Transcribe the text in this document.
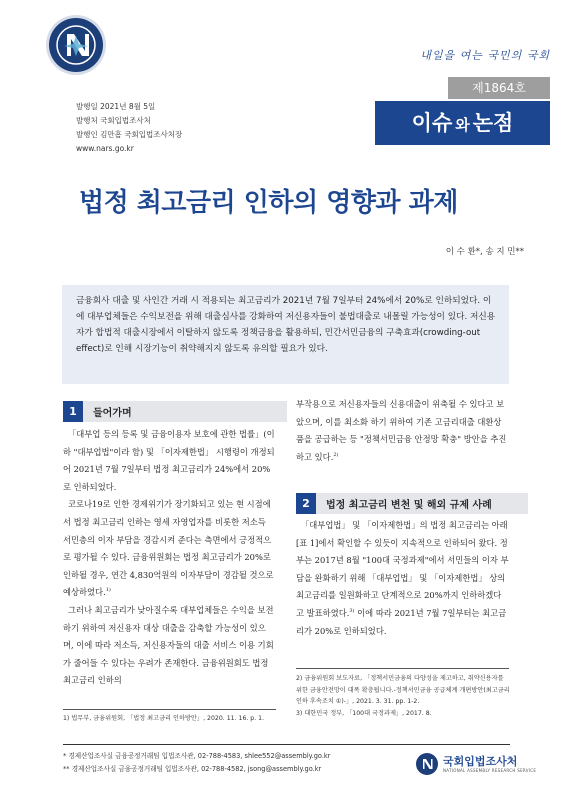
내일을 여는 국민의 국회
제1864호
이슈 와 논점
발행일 2021년 8월 5일
발행처 국회입법조사처
발행인 김만흠 국회입법조사처장
www.nars.go.kr
법정 최고금리 인하의 영향과 과제
이 수 환*, 송 지 민**

금융회사 대출 및 사인간 거래 시 적용되는 최고금리가 2021년 7월 7일부터 24%에서 20%로 인하되었다. 이에 대부업체들은 수익보전을 위해 대출심사를 강화하여 저신용자들이 불법대출로 내몰릴 가능성이 있다. 저신용자가 합법적 대출시장에서 이탈하지 않도록 정책금융을 활용하되, 민간서민금융의 구축효과(crowding-out effect)로 인해 시장기능이 취약해지지 않도록 유의할 필요가 있다.

1	들어가며

「대부업 등의 등록 및 금융이용자 보호에 관한 법률」(이하 "대부업법"이라 함) 및 「이자제한법」 시행령이 개정되어 2021년 7월 7일부터 법정 최고금리가 24%에서 20%로 인하되었다.

코로나19로 인한 경제위기가 장기화되고 있는 현 시점에서 법정 최고금리 인하는 영세 자영업자를 비롯한 저소득 서민층의 이자 부담을 경감시켜 준다는 측면에서 긍정적으로 평가될 수 있다. 금융위원회는 법정 최고금리가 20%로 인하될 경우, 연간 4,830억원의 이자부담이 경감될 것으로 예상하였다.$^{1)}$

그러나 최고금리가 낮아질수록 대부업체들은 수익을 보전하기 위하여 저신용자 대상 대출을 감축할 가능성이 있으며, 이에 따라 저소득, 저신용자들의 대출 서비스 이용 기회가 줄어들 수 있다는 우려가 존재한다. 금융위원회도 법정 최고금리 인하의

부작용으로 저신용자들의 신용대출이 위축될 수 있다고 보았으며, 이를 최소화 하기 위하여 기존 고금리대출 대환상품을 공급하는 등 "정책서민금융 안정망 확충" 방안을 추진하고 있다.$^{2)}$

2	법정 최고금리 변천 및 해외 규제 사례

「대부업법」 및 「이자제한법」의 법정 최고금리는 아래 [표 1]에서 확인할 수 있듯이 지속적으로 인하되어 왔다. 정부는 2017년 8월 "100대 국정과제"에서 서민들의 이자 부담을 완화하기 위해 「대부업법」 및 「이자제한법」 상의 최고금리를 일원화하고 단계적으로 20%까지 인하하겠다고 발표하였다.$^{3)}$ 이에 따라 2021년 7월 7일부터는 최고금리가 20%로 인하되었다.

1) 법무부, 금융위원회, 「법정 최고금리 인하방안」, 2020. 11. 16. p. 1.
2) 금융위원회 보도자료, 「정책서민금융의 다양성을 제고하고, 취약신용자를 위한 금융안전망이 대폭 확충됩니다.-정책서민금융 공급체계 개편방안(최고금리 인하 후속조치 ①)-」, 2021. 3. 31. pp. 1-2.
3) 대한민국 정부, 「100대 국정과제」, 2017. 8.
* 경제산업조사실 금융공정거래팀 입법조사관, 02-788-4583, shlee552@assembly.go.kr
** 경제산업조사실 금융공정거래팀 입법조사관, 02-788-4582, jsong@assembly.go.kr
국회입법조사처
NATIONAL ASSEMBLY RESEARCH SERVICE
